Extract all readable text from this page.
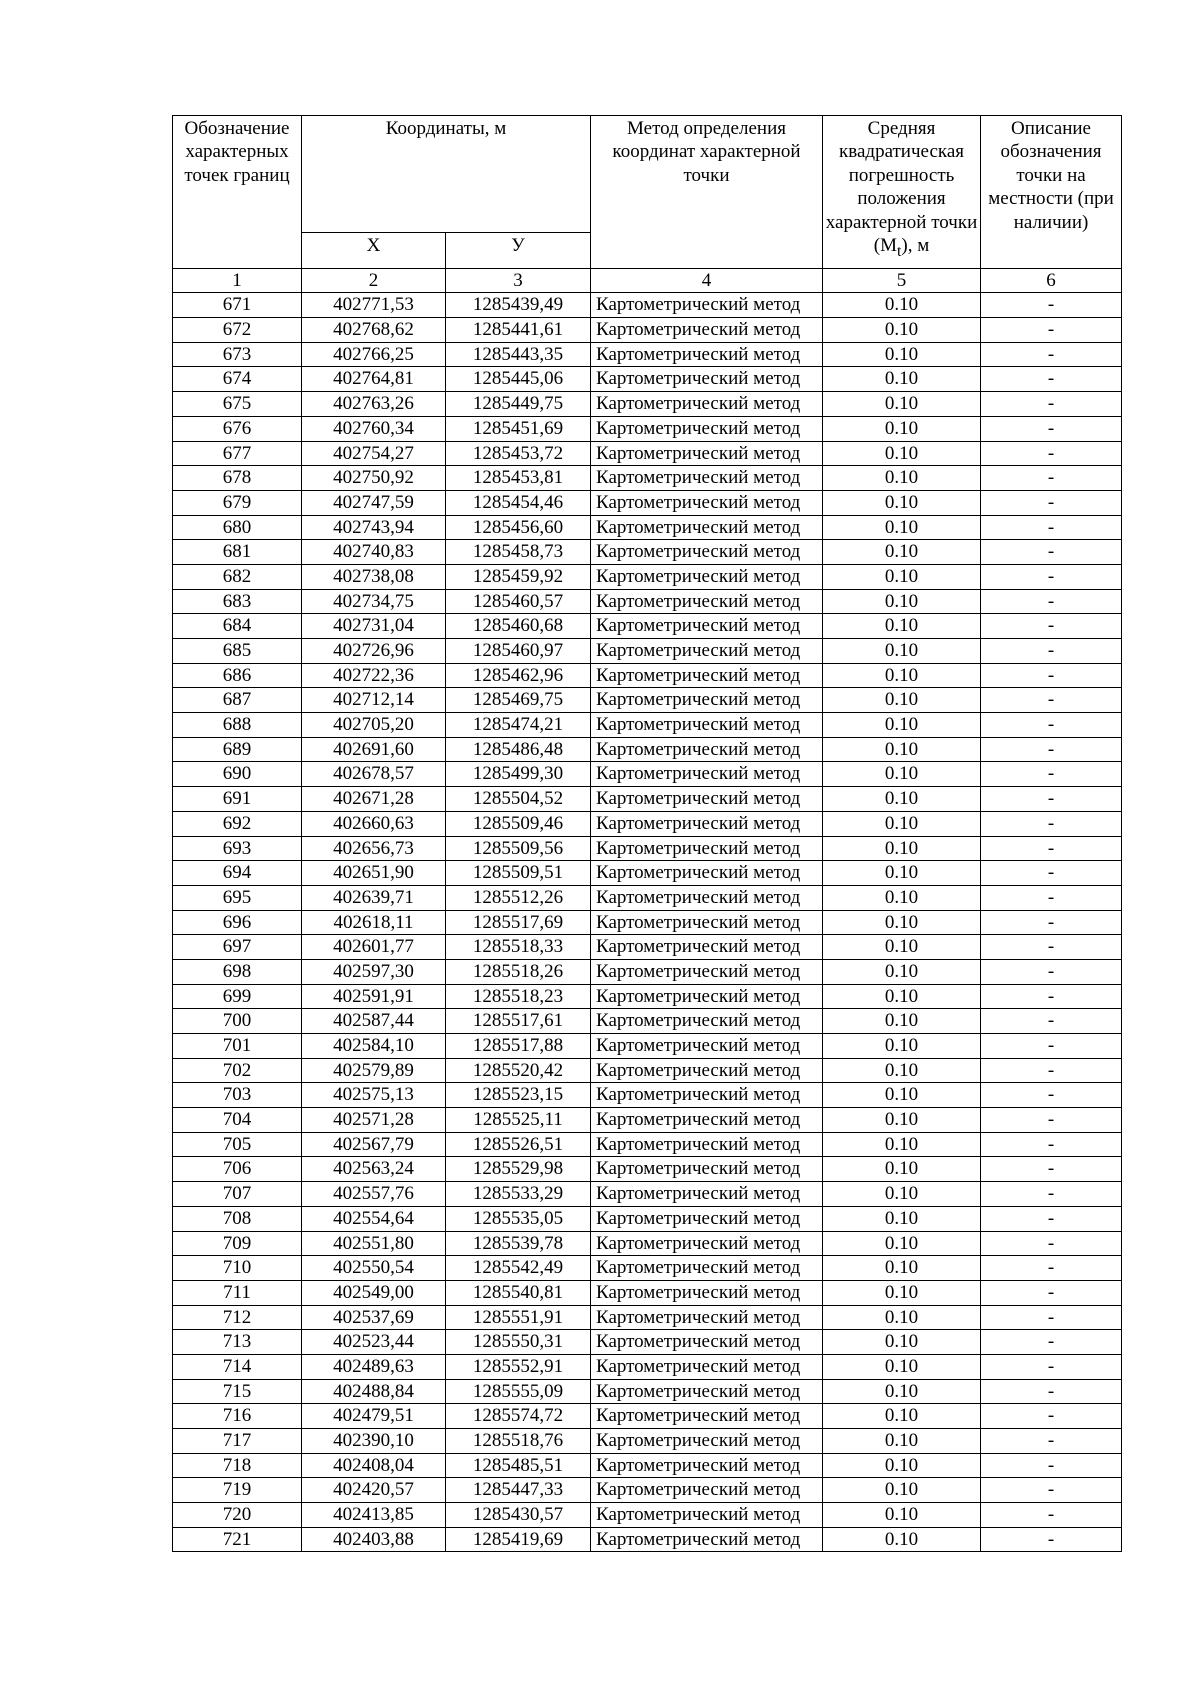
Обозначение характерных точек границ	Координаты, м		Метод определения координат характерной точки	Средняя квадратическая погрешность положения характерной точки $(М_t)$, м	Описание обозначения точки на местности (при наличии)
	Х	У			
1	2	3	4	5	6
671	402771,53	1285439,49	Картометрический метод	0.10	-
672	402768,62	1285441,61	Картометрический метод	0.10	-
673	402766,25	1285443,35	Картометрический метод	0.10	-
674	402764,81	1285445,06	Картометрический метод	0.10	-
675	402763,26	1285449,75	Картометрический метод	0.10	-
676	402760,34	1285451,69	Картометрический метод	0.10	-
677	402754,27	1285453,72	Картометрический метод	0.10	-
678	402750,92	1285453,81	Картометрический метод	0.10	-
679	402747,59	1285454,46	Картометрический метод	0.10	-
680	402743,94	1285456,60	Картометрический метод	0.10	-
681	402740,83	1285458,73	Картометрический метод	0.10	-
682	402738,08	1285459,92	Картометрический метод	0.10	-
683	402734,75	1285460,57	Картометрический метод	0.10	-
684	402731,04	1285460,68	Картометрический метод	0.10	-
685	402726,96	1285460,97	Картометрический метод	0.10	-
686	402722,36	1285462,96	Картометрический метод	0.10	-
687	402712,14	1285469,75	Картометрический метод	0.10	-
688	402705,20	1285474,21	Картометрический метод	0.10	-
689	402691,60	1285486,48	Картометрический метод	0.10	-
690	402678,57	1285499,30	Картометрический метод	0.10	-
691	402671,28	1285504,52	Картометрический метод	0.10	-
692	402660,63	1285509,46	Картометрический метод	0.10	-
693	402656,73	1285509,56	Картометрический метод	0.10	-
694	402651,90	1285509,51	Картометрический метод	0.10	-
695	402639,71	1285512,26	Картометрический метод	0.10	-
696	402618,11	1285517,69	Картометрический метод	0.10	-
697	402601,77	1285518,33	Картометрический метод	0.10	-
698	402597,30	1285518,26	Картометрический метод	0.10	-
699	402591,91	1285518,23	Картометрический метод	0.10	-
700	402587,44	1285517,61	Картометрический метод	0.10	-
701	402584,10	1285517,88	Картометрический метод	0.10	-
702	402579,89	1285520,42	Картометрический метод	0.10	-
703	402575,13	1285523,15	Картометрический метод	0.10	-
704	402571,28	1285525,11	Картометрический метод	0.10	-
705	402567,79	1285526,51	Картометрический метод	0.10	-
706	402563,24	1285529,98	Картометрический метод	0.10	-
707	402557,76	1285533,29	Картометрический метод	0.10	-
708	402554,64	1285535,05	Картометрический метод	0.10	-
709	402551,80	1285539,78	Картометрический метод	0.10	-
710	402550,54	1285542,49	Картометрический метод	0.10	-
711	402549,00	1285540,81	Картометрический метод	0.10	-
712	402537,69	1285551,91	Картометрический метод	0.10	-
713	402523,44	1285550,31	Картометрический метод	0.10	-
714	402489,63	1285552,91	Картометрический метод	0.10	-
715	402488,84	1285555,09	Картометрический метод	0.10	-
716	402479,51	1285574,72	Картометрический метод	0.10	-
717	402390,10	1285518,76	Картометрический метод	0.10	-
718	402408,04	1285485,51	Картометрический метод	0.10	-
719	402420,57	1285447,33	Картометрический метод	0.10	-
720	402413,85	1285430,57	Картометрический метод	0.10	-
721	402403,88	1285419,69	Картометрический метод	0.10	-
